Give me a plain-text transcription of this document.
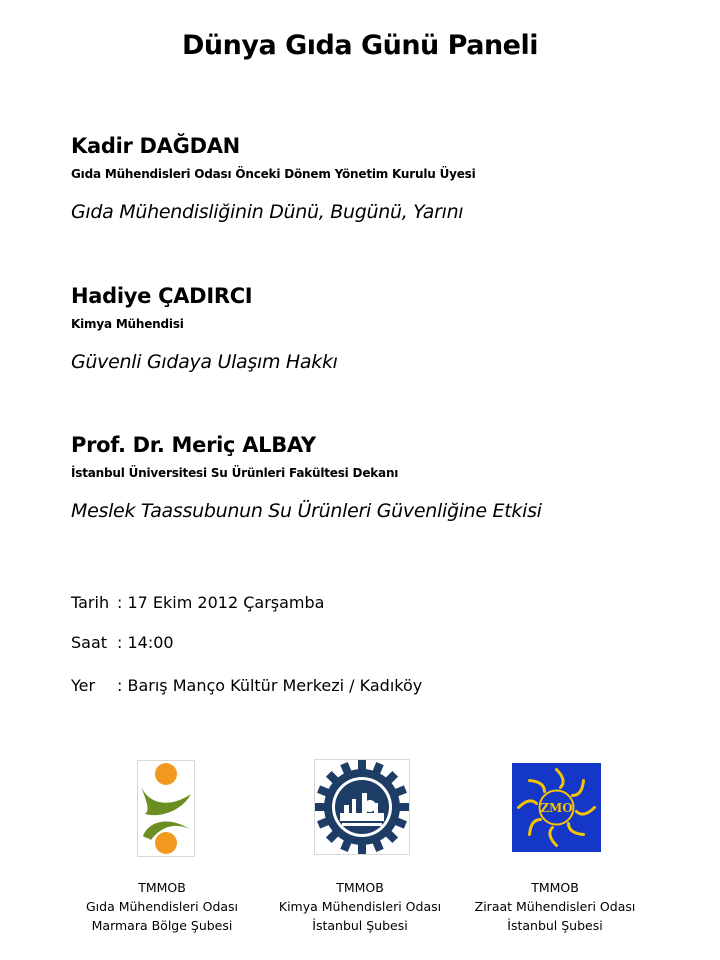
Dünya Gıda Günü Paneli
Kadir DAĞDAN
Gıda Mühendisleri Odası Önceki Dönem Yönetim Kurulu Üyesi
Gıda Mühendisliğinin Dünü, Bugünü, Yarını
Hadiye ÇADIRCI
Kimya Mühendisi
Güvenli Gıdaya Ulaşım Hakkı
Prof. Dr. Meriç ALBAY
İstanbul Üniversitesi Su Ürünleri Fakültesi Dekanı
Meslek Taassubunun Su Ürünleri Güvenliğine Etkisi
Tarih : 17 Ekim 2012 Çarşamba
Saat : 14:00
Yer : Barış Manço Kültür Merkezi / Kadıköy
ZMO
TMMOB
Gıda Mühendisleri Odası
Marmara Bölge Şubesi
TMMOB
Kimya Mühendisleri Odası
İstanbul Şubesi
TMMOB
Ziraat Mühendisleri Odası
İstanbul Şubesi
